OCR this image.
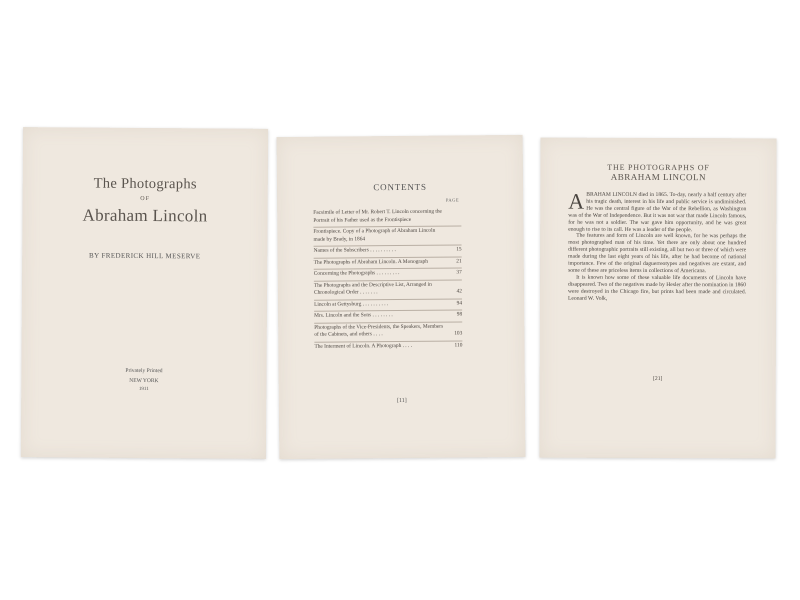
The Photographs
OF
Abraham Lincoln
BY FREDERICK HILL MESERVE
Privately Printed
NEW YORK
1911
CONTENTS
PAGE
Facsimile of Letter of Mr. Robert T. Lincoln concerning the Portrait of his Father used as the Frontispiece
Frontispiece. Copy of a Photograph of Abraham Lincoln made by Brady, in 1864
Names of the Subscribers . . . . . . . . . .	15
The Photographs of Abraham Lincoln. A Monograph	21
Concerning the Photographs . . . . . . . . .	37
The Photographs and the Descriptive List, Arranged in Chronological Order . . . . . . .	42
Lincoln at Gettysburg . . . . . . . . . .	94
Mrs. Lincoln and the Sons . . . . . . . .	98
Photographs of the Vice-Presidents, the Speakers, Members of the Cabinets, and others . . . .	103
The Interment of Lincoln. A Photograph . . . .	110
[11]
THE PHOTOGRAPHS OF
ABRAHAM LINCOLN

ABRAHAM LINCOLN died in 1865. To-day, nearly a half century after his tragic death, interest in his life and public service is undiminished. He was the central figure of the War of the Rebellion, as Washington was of the War of Independence. But it was not war that made Lincoln famous, for he was not a soldier. The war gave him opportunity, and he was great enough to rise to its call. He was a leader of the people.

The features and form of Lincoln are well known, for he was perhaps the most photographed man of his time. Yet there are only about one hundred different photographic portraits still existing, all but two or three of which were made during the last eight years of his life, after he had become of national importance. Few of the original daguerreotypes and negatives are extant, and some of these are priceless items in collections of Americana.

It is known how some of these valuable life documents of Lincoln have disappeared. Two of the negatives made by Hesler after the nomination in 1860 were destroyed in the Chicago fire, but prints had been made and circulated. Leonard W. Volk,

[21]
